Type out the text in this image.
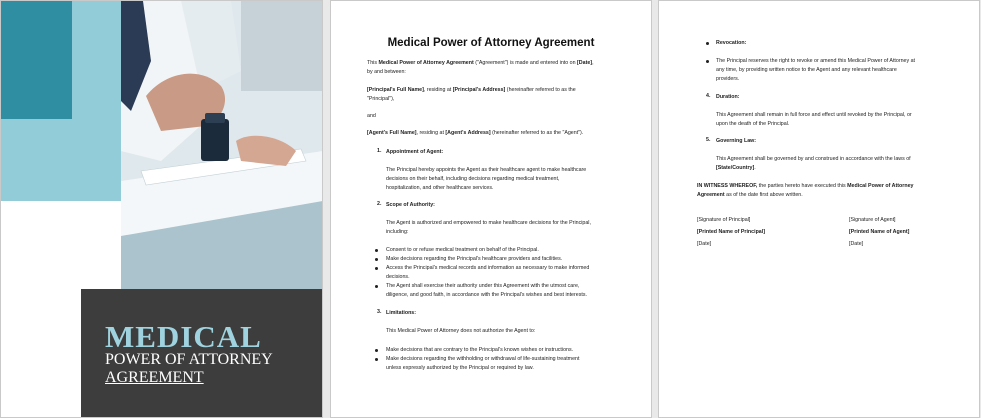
MEDICAL
POWER OF ATTORNEY
AGREEMENT
Medical Power of Attorney Agreement
This Medical Power of Attorney Agreement ("Agreement") is made and entered into on [Date],
by and between:
[Principal's Full Name], residing at [Principal's Address] (hereinafter referred to as the
"Principal"),
and
[Agent's Full Name], residing at [Agent's Address] (hereinafter referred to as the "Agent").
1. Appointment of Agent:
The Principal hereby appoints the Agent as their healthcare agent to make healthcare
decisions on their behalf, including decisions regarding medical treatment,
hospitalization, and other healthcare services.
2. Scope of Authority:
The Agent is authorized and empowered to make healthcare decisions for the Principal,
including:
Consent to or refuse medical treatment on behalf of the Principal.
Make decisions regarding the Principal's healthcare providers and facilities.
Access the Principal's medical records and information as necessary to make informed
decisions.
The Agent shall exercise their authority under this Agreement with the utmost care,
diligence, and good faith, in accordance with the Principal's wishes and best interests.
3. Limitations:
This Medical Power of Attorney does not authorize the Agent to:
Make decisions that are contrary to the Principal's known wishes or instructions.
Make decisions regarding the withholding or withdrawal of life-sustaining treatment
unless expressly authorized by the Principal or required by law.
Revocation:
The Principal reserves the right to revoke or amend this Medical Power of Attorney at
any time, by providing written notice to the Agent and any relevant healthcare
providers.
4. Duration:
This Agreement shall remain in full force and effect until revoked by the Principal, or
upon the death of the Principal.
5. Governing Law:
This Agreement shall be governed by and construed in accordance with the laws of
[State/Country].
IN WITNESS WHEREOF, the parties hereto have executed this Medical Power of Attorney
Agreement as of the date first above written.
[Signature of Principal]
[Printed Name of Principal]
[Date]
[Signature of Agent]
[Printed Name of Agent]
[Date]
